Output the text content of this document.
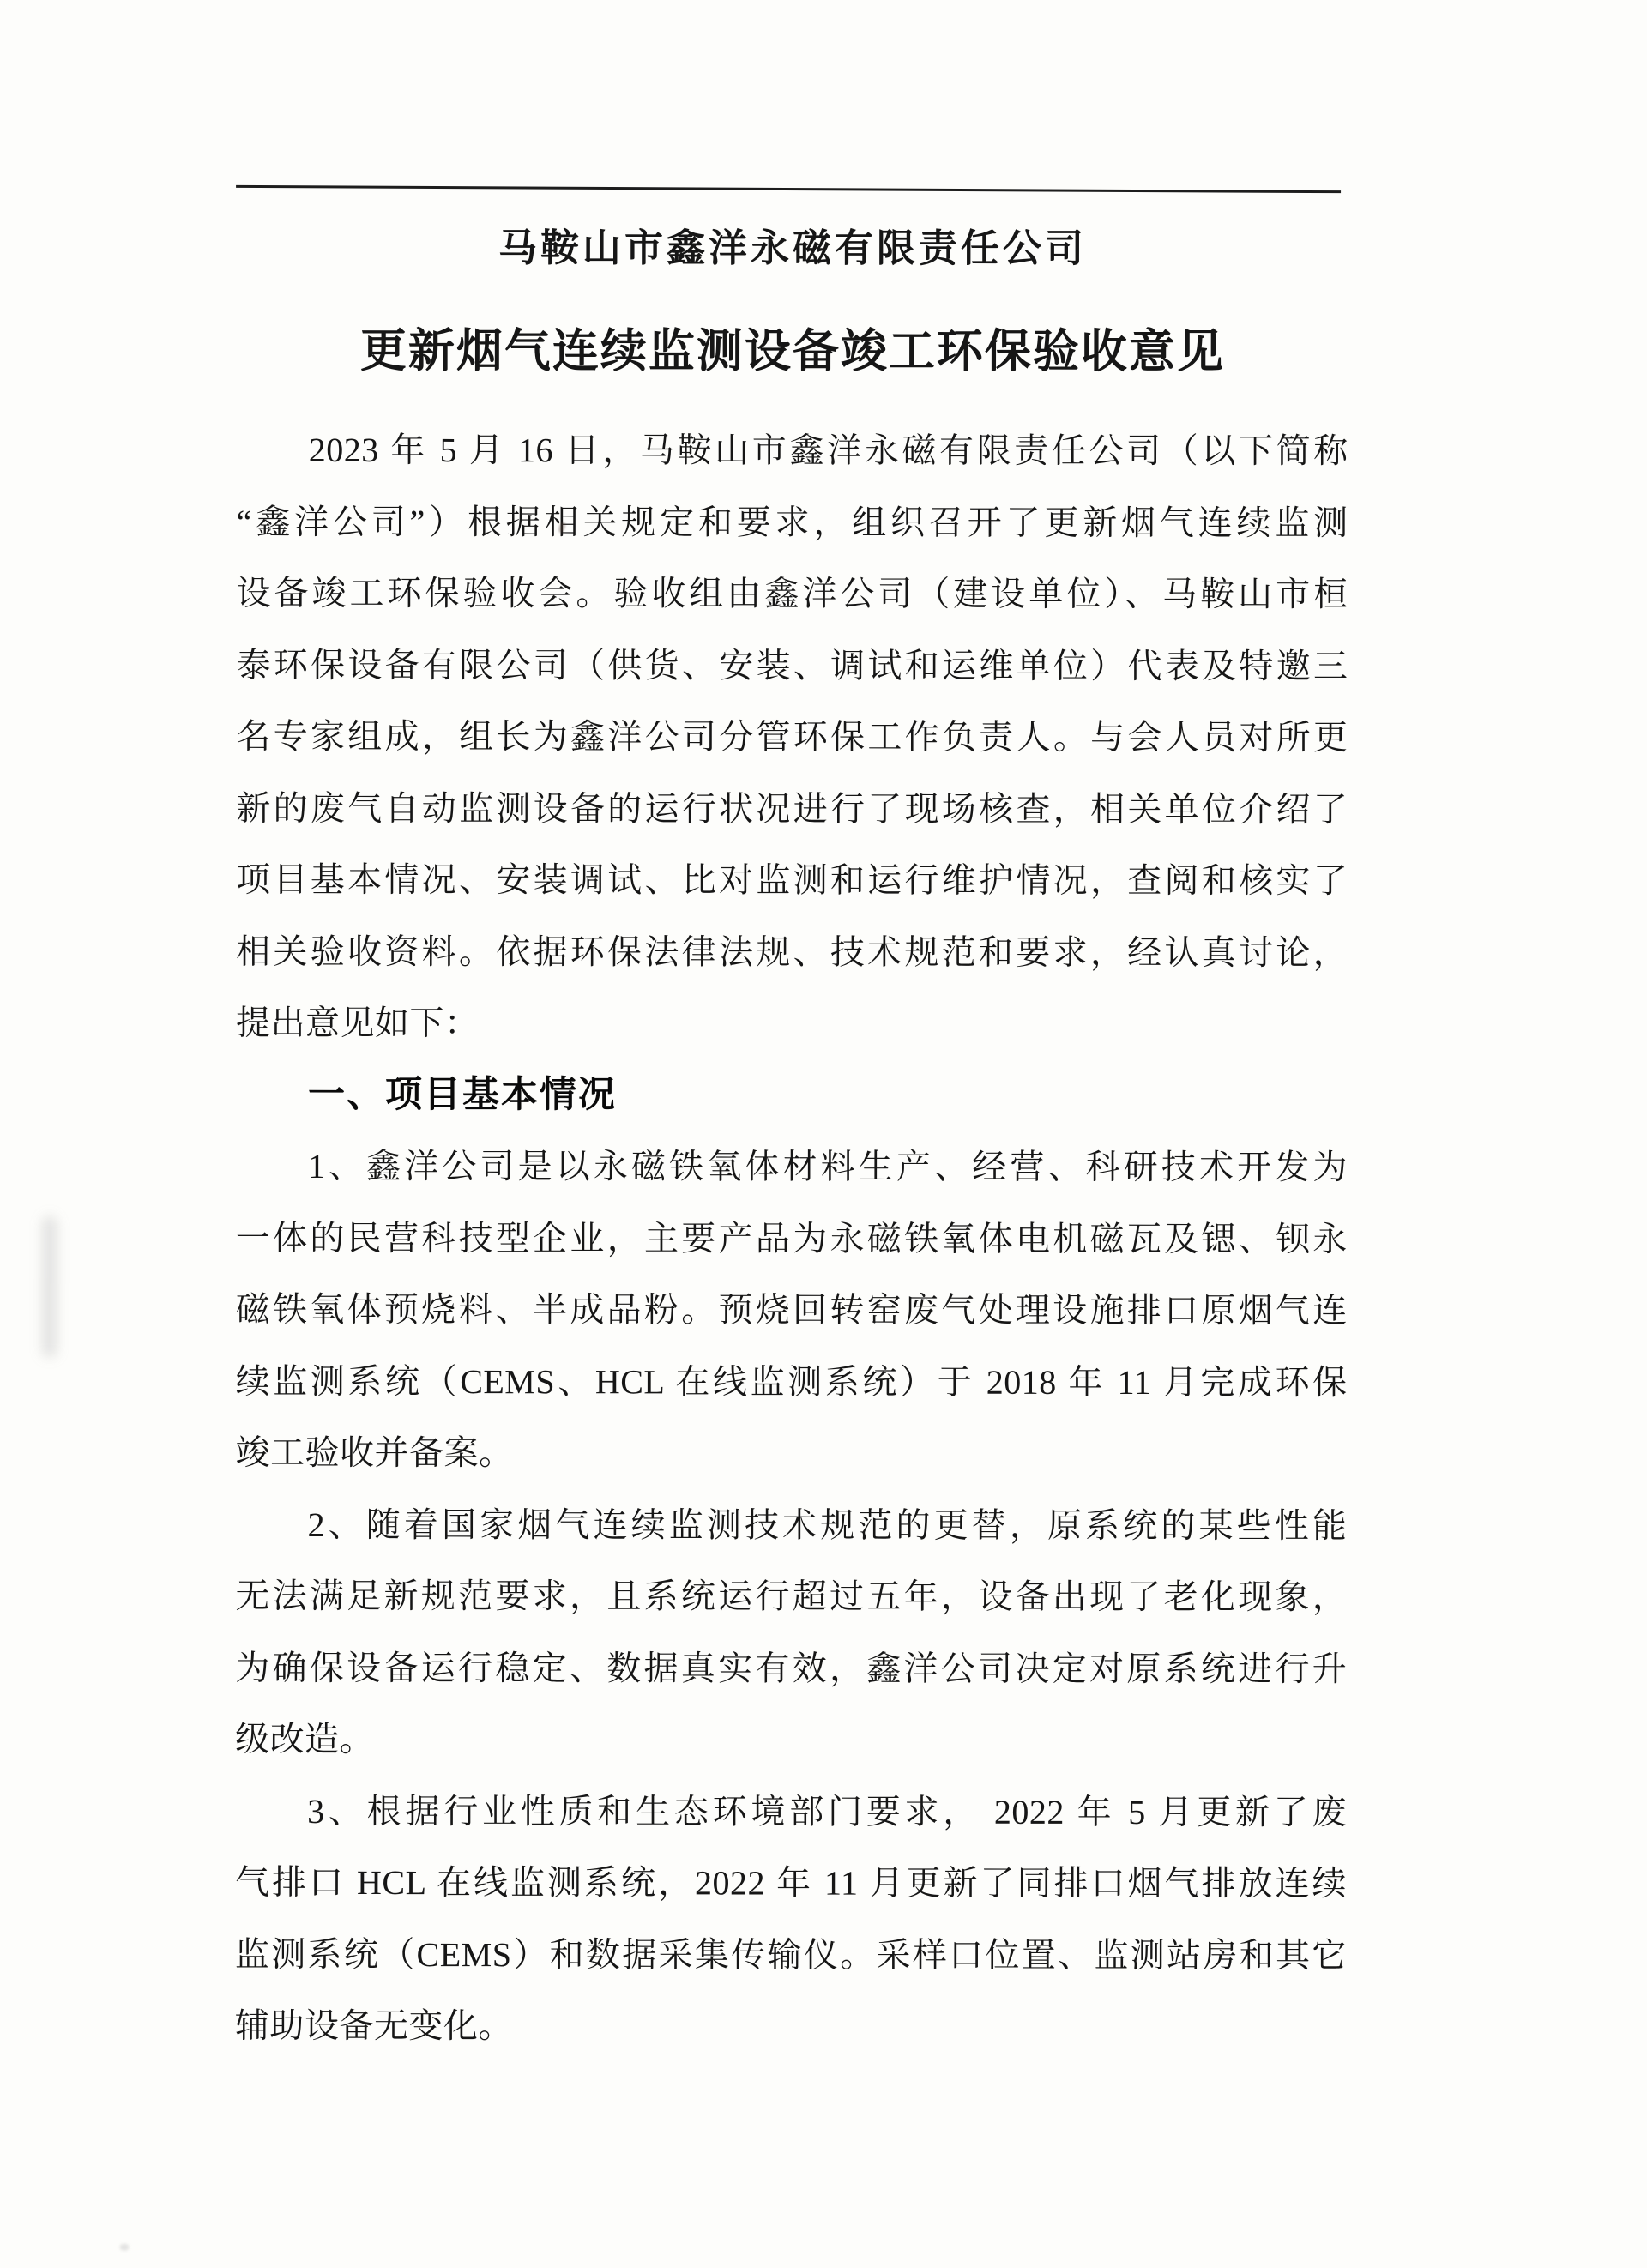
马鞍山市鑫洋永磁有限责任公司
更新烟气连续监测设备竣工环保验收意见
2023 年 5 月 16 日，马鞍山市鑫洋永磁有限责任公司（以下简称
“鑫洋公司”）根据相关规定和要求，组织召开了更新烟气连续监测
设备竣工环保验收会。验收组由鑫洋公司（建设单位）、马鞍山市桓
泰环保设备有限公司（供货、安装、调试和运维单位）代表及特邀三
名专家组成，组长为鑫洋公司分管环保工作负责人。与会人员对所更
新的废气自动监测设备的运行状况进行了现场核查，相关单位介绍了
项目基本情况、安装调试、比对监测和运行维护情况，查阅和核实了
相关验收资料。依据环保法律法规、技术规范和要求，经认真讨论，
提出意见如下：
一、项目基本情况
1、鑫洋公司是以永磁铁氧体材料生产、经营、科研技术开发为
一体的民营科技型企业，主要产品为永磁铁氧体电机磁瓦及锶、钡永
磁铁氧体预烧料、半成品粉。预烧回转窑废气处理设施排口原烟气连
续监测系统（CEMS、HCL 在线监测系统）于 2018 年 11 月完成环保
竣工验收并备案。
2、随着国家烟气连续监测技术规范的更替，原系统的某些性能
无法满足新规范要求，且系统运行超过五年，设备出现了老化现象，
为确保设备运行稳定、数据真实有效，鑫洋公司决定对原系统进行升
级改造。
3、根据行业性质和生态环境部门要求， 2022 年 5 月更新了废
气排口 HCL 在线监测系统，2022 年 11 月更新了同排口烟气排放连续
监测系统（CEMS）和数据采集传输仪。采样口位置、监测站房和其它
辅助设备无变化。
